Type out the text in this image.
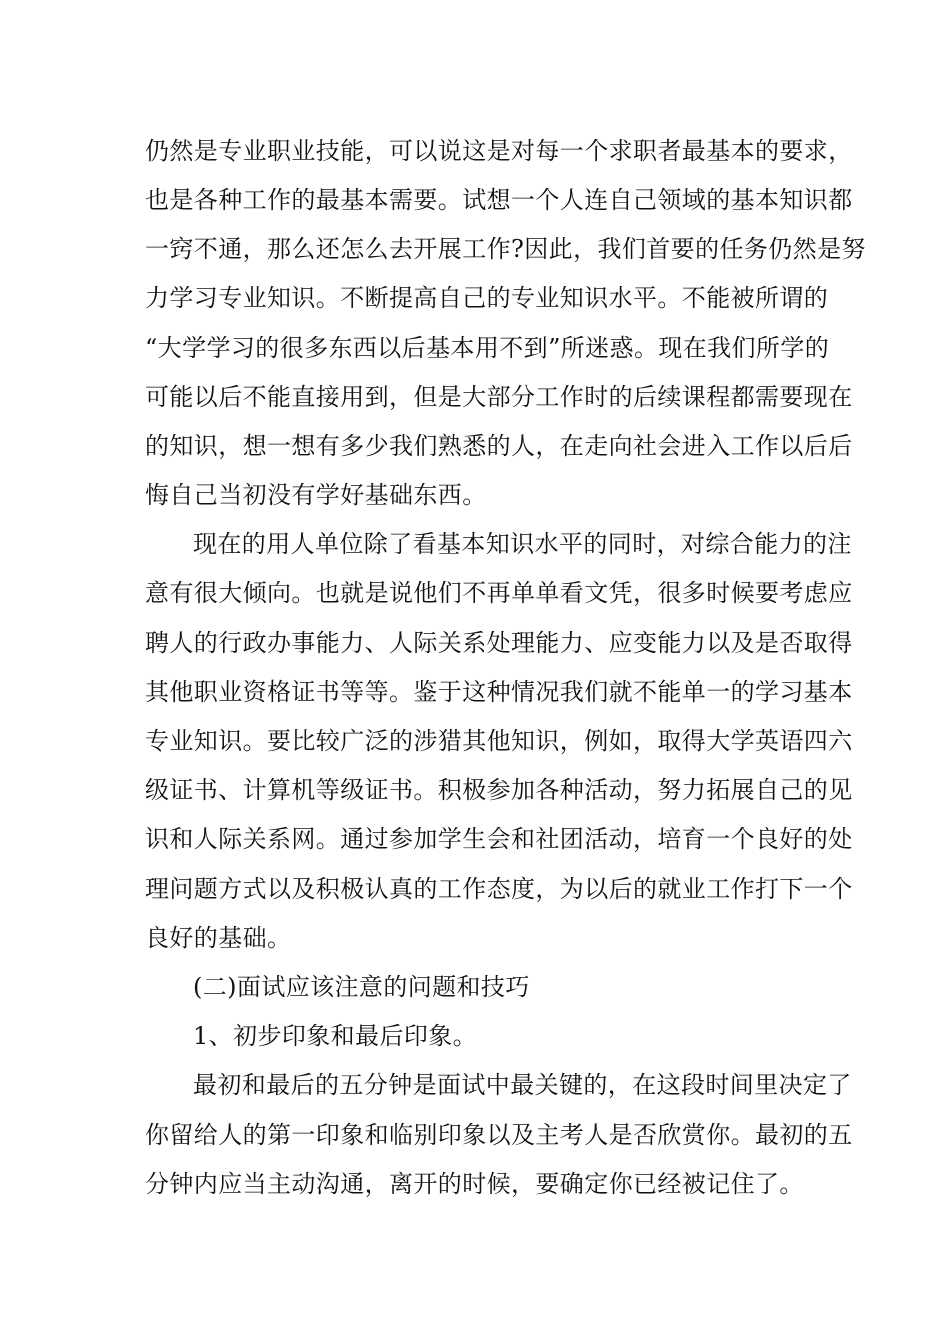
仍然是专业职业技能，可以说这是对每一个求职者最基本的要求，
也是各种工作的最基本需要。试想一个人连自己领域的基本知识都
一窍不通，那么还怎么去开展工作?因此，我们首要的任务仍然是努
力学习专业知识。不断提高自己的专业知识水平。不能被所谓的
“大学学习的很多东西以后基本用不到”所迷惑。现在我们所学的
可能以后不能直接用到，但是大部分工作时的后续课程都需要现在
的知识，想一想有多少我们熟悉的人，在走向社会进入工作以后后
悔自己当初没有学好基础东西。
现在的用人单位除了看基本知识水平的同时，对综合能力的注
意有很大倾向。也就是说他们不再单单看文凭，很多时候要考虑应
聘人的行政办事能力、人际关系处理能力、应变能力以及是否取得
其他职业资格证书等等。鉴于这种情况我们就不能单一的学习基本
专业知识。要比较广泛的涉猎其他知识，例如，取得大学英语四六
级证书、计算机等级证书。积极参加各种活动，努力拓展自己的见
识和人际关系网。通过参加学生会和社团活动，培育一个良好的处
理问题方式以及积极认真的工作态度，为以后的就业工作打下一个
良好的基础。
(二)面试应该注意的问题和技巧
1、初步印象和最后印象。
最初和最后的五分钟是面试中最关键的，在这段时间里决定了
你留给人的第一印象和临别印象以及主考人是否欣赏你。最初的五
分钟内应当主动沟通，离开的时候，要确定你已经被记住了。
